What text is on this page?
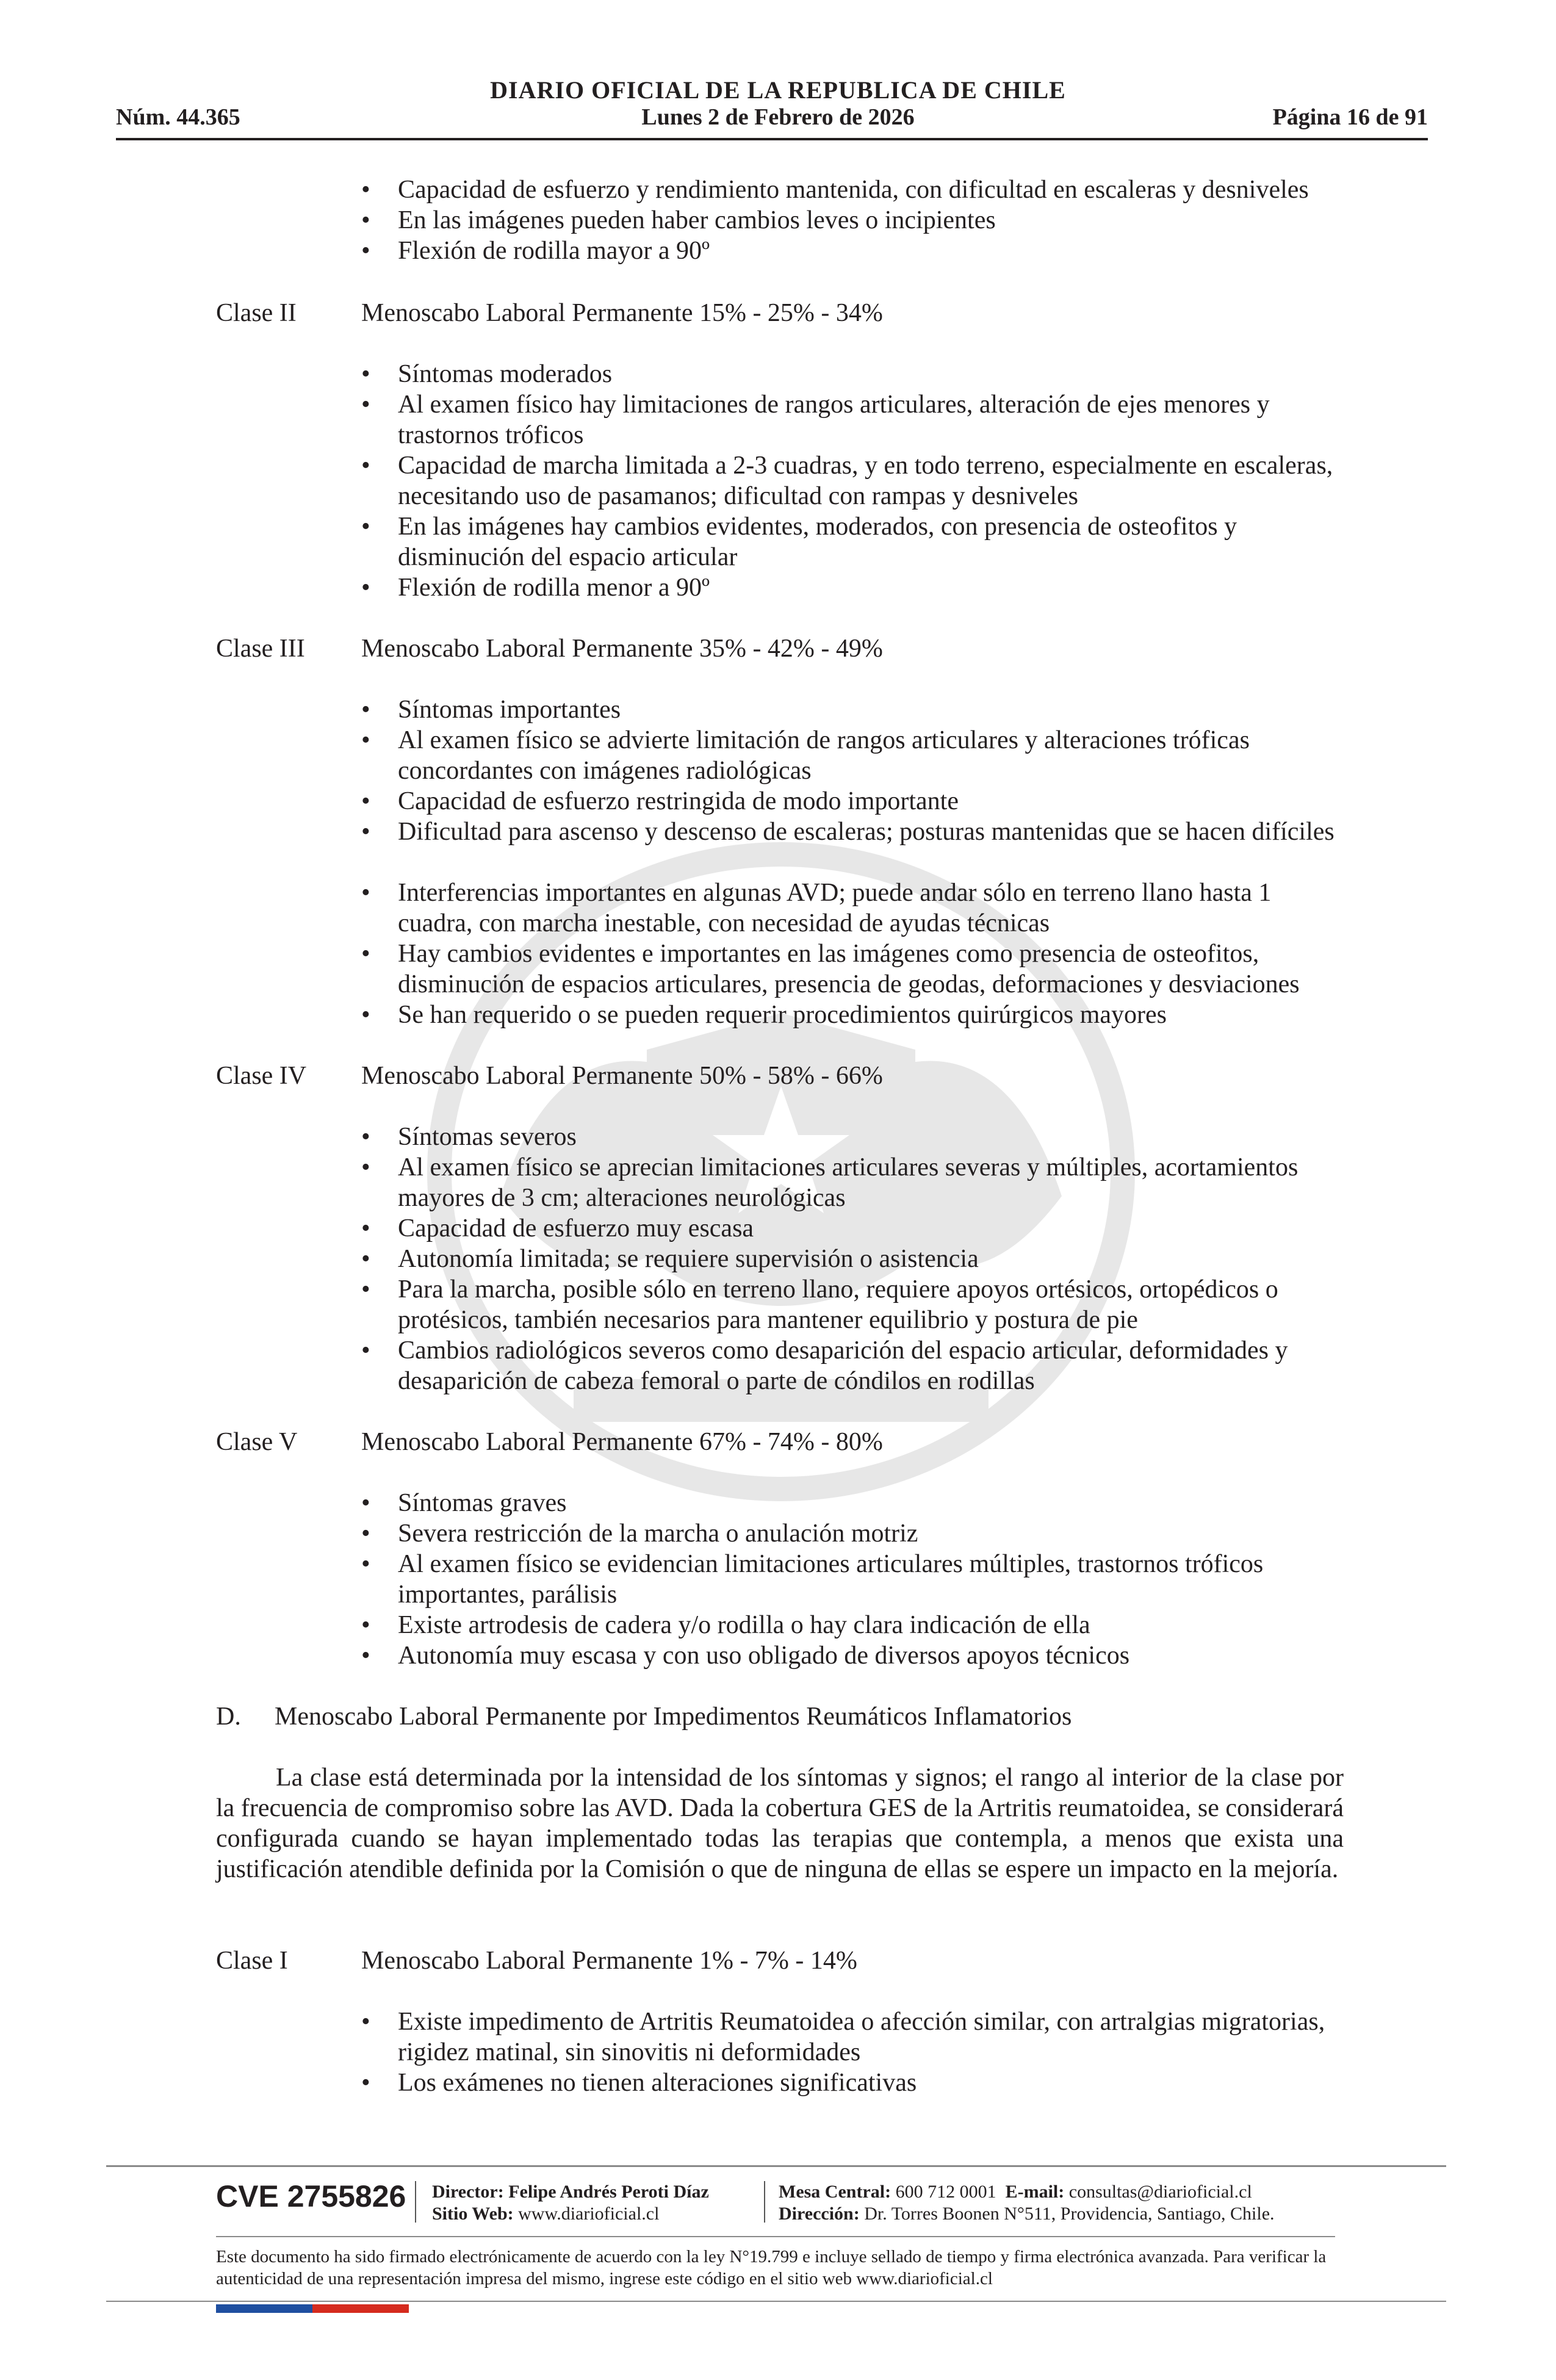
DIARIO OFICIAL DE LA REPUBLICA DE CHILE
Núm. 44.365	Lunes 2 de Febrero de 2026	Página 16 de 91
• Capacidad de esfuerzo y rendimiento mantenida, con dificultad en escaleras y desniveles
• En las imágenes pueden haber cambios leves o incipientes
• Flexión de rodilla mayor a 90º
Clase II	Menoscabo Laboral Permanente 15% - 25% - 34%
• Síntomas moderados
• Al examen físico hay limitaciones de rangos articulares, alteración de ejes menores y trastornos tróficos
• Capacidad de marcha limitada a 2-3 cuadras, y en todo terreno, especialmente en escaleras, necesitando uso de pasamanos; dificultad con rampas y desniveles
• En las imágenes hay cambios evidentes, moderados, con presencia de osteofitos y disminución del espacio articular
• Flexión de rodilla menor a 90º
Clase III Menoscabo Laboral Permanente 35% - 42% - 49%
• Síntomas importantes
• Al examen físico se advierte limitación de rangos articulares y alteraciones tróficas concordantes con imágenes radiológicas
• Capacidad de esfuerzo restringida de modo importante
• Dificultad para ascenso y descenso de escaleras; posturas mantenidas que se hacen difíciles
• Interferencias importantes en algunas AVD; puede andar sólo en terreno llano hasta 1 cuadra, con marcha inestable, con necesidad de ayudas técnicas
• Hay cambios evidentes e importantes en las imágenes como presencia de osteofitos, disminución de espacios articulares, presencia de geodas, deformaciones y desviaciones
• Se han requerido o se pueden requerir procedimientos quirúrgicos mayores
Clase IV Menoscabo Laboral Permanente 50% - 58% - 66%
• Síntomas severos
• Al examen físico se aprecian limitaciones articulares severas y múltiples, acortamientos mayores de 3 cm; alteraciones neurológicas
• Capacidad de esfuerzo muy escasa
• Autonomía limitada; se requiere supervisión o asistencia
• Para la marcha, posible sólo en terreno llano, requiere apoyos ortésicos, ortopédicos o protésicos, también necesarios para mantener equilibrio y postura de pie
• Cambios radiológicos severos como desaparición del espacio articular, deformidades y desaparición de cabeza femoral o parte de cóndilos en rodillas
Clase V Menoscabo Laboral Permanente 67% - 74% - 80%
• Síntomas graves
• Severa restricción de la marcha o anulación motriz
• Al examen físico se evidencian limitaciones articulares múltiples, trastornos tróficos importantes, parálisis
• Existe artrodesis de cadera y/o rodilla o hay clara indicación de ella
• Autonomía muy escasa y con uso obligado de diversos apoyos técnicos
D. Menoscabo Laboral Permanente por Impedimentos Reumáticos Inflamatorios
La clase está determinada por la intensidad de los síntomas y signos; el rango al interior de la clase por la frecuencia de compromiso sobre las AVD. Dada la cobertura GES de la Artritis reumatoidea, se considerará configurada cuando se hayan implementado todas las terapias que contempla, a menos que exista una justificación atendible definida por la Comisión o que de ninguna de ellas se espere un impacto en la mejoría.
Clase I	Menoscabo Laboral Permanente 1% - 7% - 14%
• Existe impedimento de Artritis Reumatoidea o afección similar, con artralgias migratorias, rigidez matinal, sin sinovitis ni deformidades
• Los exámenes no tienen alteraciones significativas
CVE 2755826 Director: Felipe Andrés Peroti Díaz
Sitio Web: www.diarioficial.cl
Mesa Central: 600 712 0001 E-mail: consultas@diarioficial.cl
Dirección: Dr. Torres Boonen N°511, Providencia, Santiago, Chile.
Este documento ha sido firmado electrónicamente de acuerdo con la ley N°19.799 e incluye sellado de tiempo y firma electrónica avanzada. Para verificar la autenticidad de una representación impresa del mismo, ingrese este código en el sitio web www.diarioficial.cl
